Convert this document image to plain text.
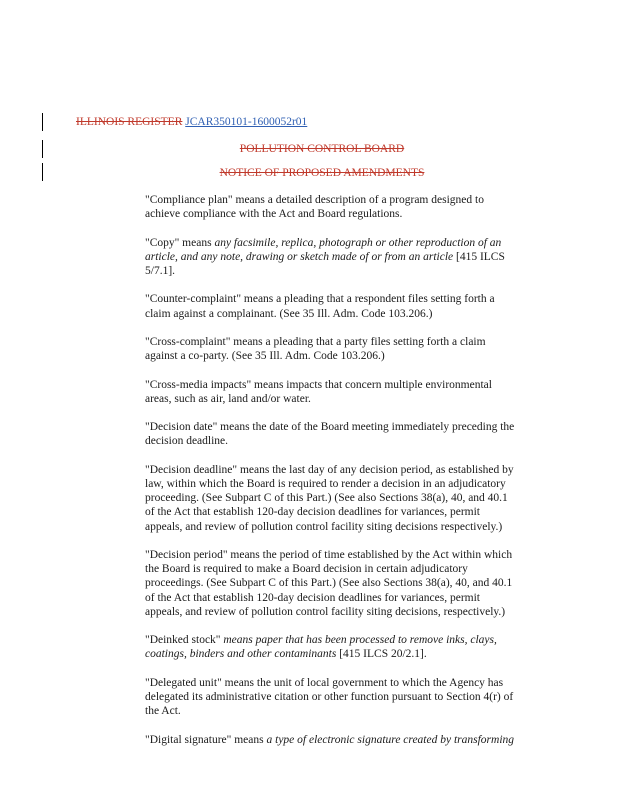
ILLINOIS REGISTER JCAR350101-1600052r01
POLLUTION CONTROL BOARD
NOTICE OF PROPOSED AMENDMENTS

"Compliance plan" means a detailed description of a program designed to achieve compliance with the Act and Board regulations.

"Copy" means any facsimile, replica, photograph or other reproduction of an article, and any note, drawing or sketch made of or from an article [415 ILCS 5/7.1].

"Counter-complaint" means a pleading that a respondent files setting forth a claim against a complainant. (See 35 Ill. Adm. Code 103.206.)

"Cross-complaint" means a pleading that a party files setting forth a claim against a co-party. (See 35 Ill. Adm. Code 103.206.)

"Cross-media impacts" means impacts that concern multiple environmental areas, such as air, land and/or water.

"Decision date" means the date of the Board meeting immediately preceding the decision deadline.

"Decision deadline" means the last day of any decision period, as established by law, within which the Board is required to render a decision in an adjudicatory proceeding. (See Subpart C of this Part.) (See also Sections 38(a), 40, and 40.1 of the Act that establish 120-day decision deadlines for variances, permit appeals, and review of pollution control facility siting decisions respectively.)

"Decision period" means the period of time established by the Act within which the Board is required to make a Board decision in certain adjudicatory proceedings. (See Subpart C of this Part.) (See also Sections 38(a), 40, and 40.1 of the Act that establish 120-day decision deadlines for variances, permit appeals, and review of pollution control facility siting decisions, respectively.)

"Deinked stock" means paper that has been processed to remove inks, clays, coatings, binders and other contaminants [415 ILCS 20/2.1].

"Delegated unit" means the unit of local government to which the Agency has delegated its administrative citation or other function pursuant to Section 4(r) of the Act.

"Digital signature" means a type of electronic signature created by transforming
